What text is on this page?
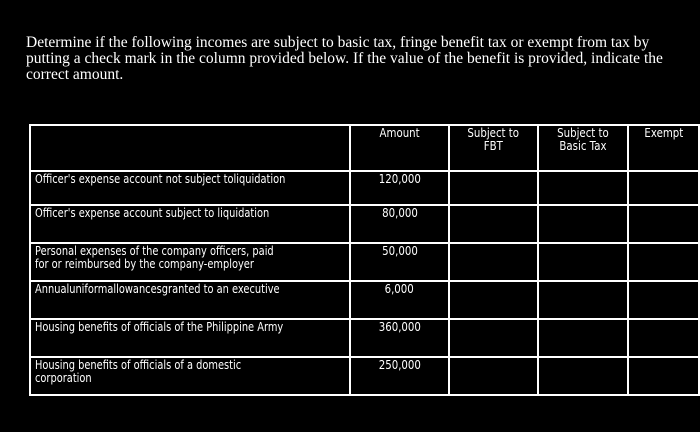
Determine if the following incomes are subject to basic tax, fringe benefit tax or exempt from tax by putting a check mark in the column provided below. If the value of the benefit is provided, indicate the correct amount.
	Amount	Subject to FBT	Subject to Basic Tax	Exempt
Officer's expense account not subject toliquidation	120,000			
Officer's expense account subject to liquidation	80,000			
Personal expenses of the company officers, paid for or reimbursed by the company-employer	50,000			
Annualuniformallowancesgranted to an executive	6,000			
Housing benefits of officials of the Philippine Army	360,000			
Housing benefits of officials of a domestic corporation	250,000			
